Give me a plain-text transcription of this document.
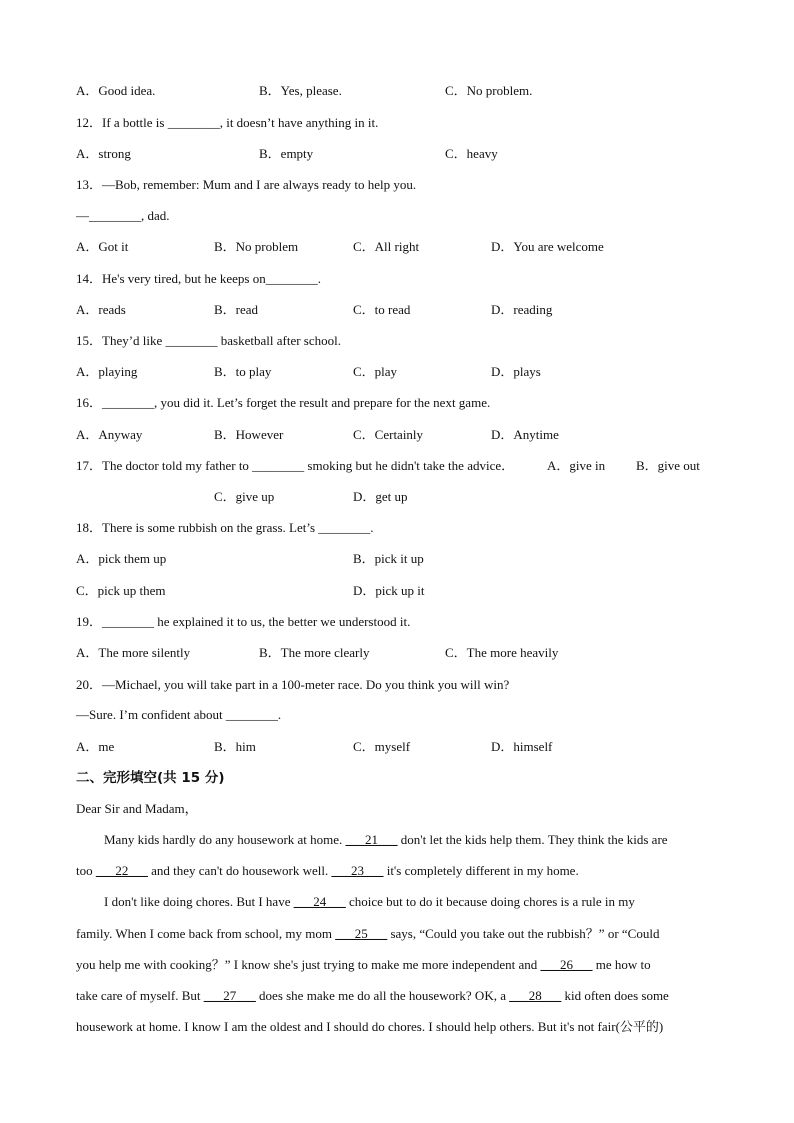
A．Good idea.	B．Yes, please.	C．No problem.
12．If a bottle is ________, it doesn’t have anything in it.
A．strong	B．empty	C．heavy
13．—Bob, remember: Mum and I are always ready to help you.
—________, dad.
A．Got it	B．No problem	C．All right	D．You are welcome
14．He's very tired, but he keeps on________.
A．reads	B．read	C．to read	D．reading
15．They’d like ________ basketball after school.
A．playing	B．to play	C．play	D．plays
16．________, you did it. Let’s forget the result and prepare for the next game.
A．Anyway	B．However	C．Certainly	D．Anytime
17．The doctor told my father to ________ smoking but he didn't take the advice．	A．give in B．give out
C．give up	D．get up
18．There is some rubbish on the grass. Let’s ________.
A．pick them up	B．pick it up
C．pick up them	D．pick up it
19．________ he explained it to us, the better we understood it.
A．The more silently	B．The more clearly	C．The more heavily
20．—Michael, you will take part in a 100-meter race. Do you think you will win?
—Sure. I’m confident about ________.
A．me	B．him	C．myself	D．himself
二、完形填空(共 15 分)
Dear Sir and Madam，
Many kids hardly do any housework at home. ___21___ don't let the kids help them. They think the kids are
too ___22___ and they can't do housework well. ___23___ it's completely different in my home.
I don't like doing chores. But I have ___24___ choice but to do it because doing chores is a rule in my
family. When I come back from school, my mom ___25___ says, “Could you take out the rubbish？” or “Could
you help me with cooking？” I know she's just trying to make me more independent and ___26___ me how to
take care of myself. But ___27___ does she make me do all the housework? OK, a ___28___ kid often does some
housework at home. I know I am the oldest and I should do chores. I should help others. But it's not fair(公平的)
